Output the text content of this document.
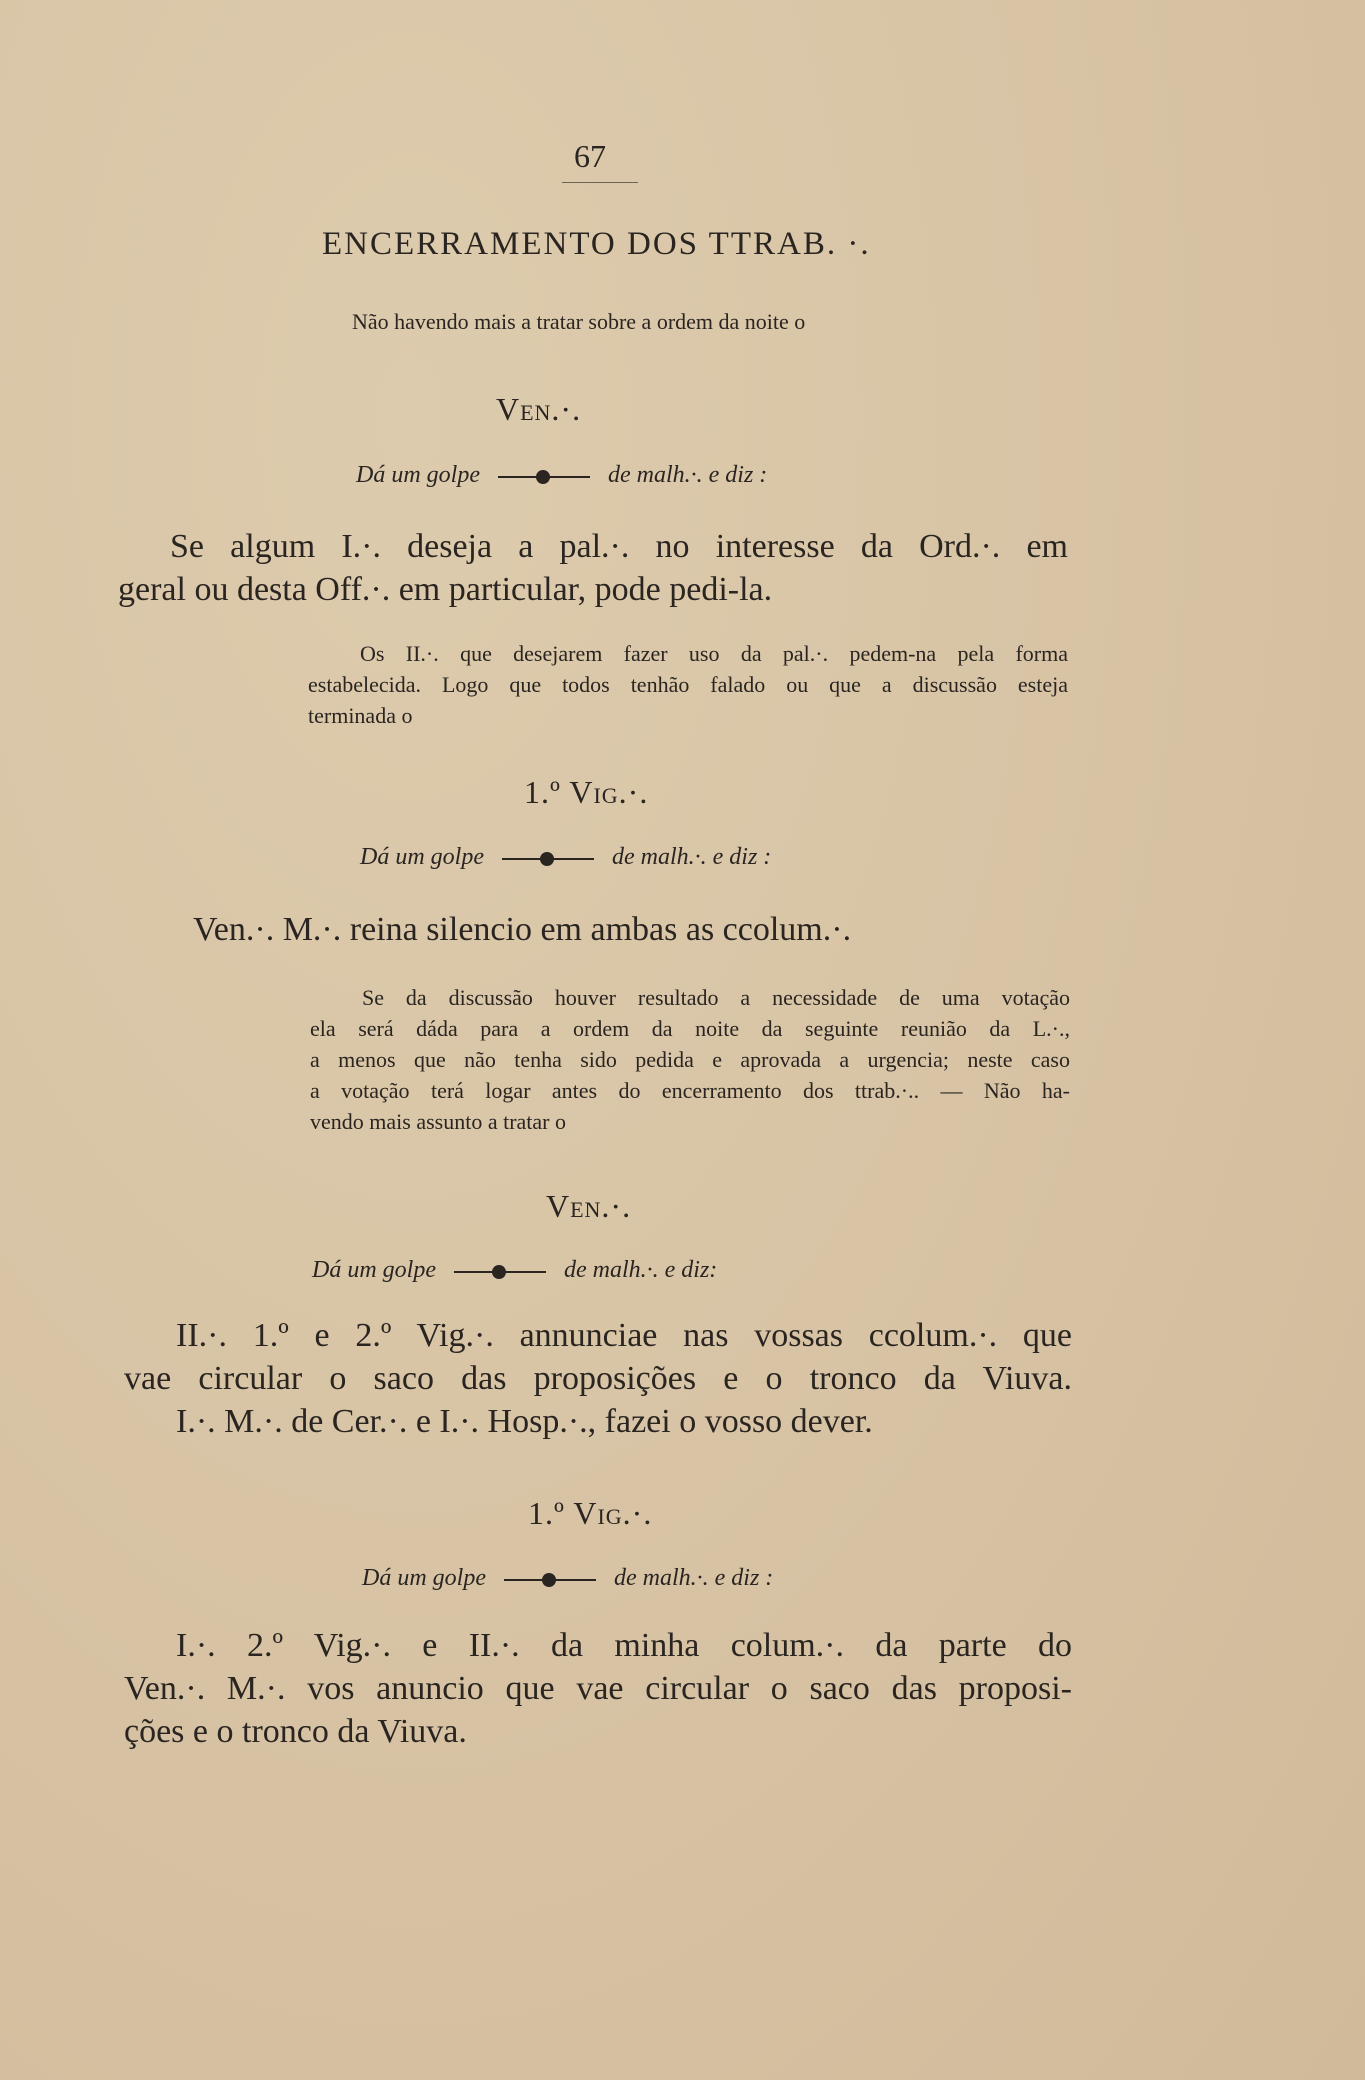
67

ENCERRAMENTO DOS TTRAB. ·.

Não havendo mais a tratar sobre a ordem da noite o

Ven.·.

Dá um golpe	de malh.·. e diz :

Se algum I.·. deseja a pal.·. no interesse da Ord.·. em
geral ou desta Off.·. em particular, pode pedi-la.
Os II.·. que desejarem fazer uso da pal.·. pedem-na pela forma
estabelecida. Logo que todos tenhão falado ou que a discussão esteja
terminada o

1.º Vig.·.

Dá um golpe	de malh.·. e diz :

Ven.·. M.·. reina silencio em ambas as ccolum.·.

Se da discussão houver resultado a necessidade de uma votação
ela será dáda para a ordem da noite da seguinte reunião da L.·.,
a menos que não tenha sido pedida e aprovada a urgencia; neste caso
a votação terá logar antes do encerramento dos ttrab.·.. — Não ha-
vendo mais assunto a tratar o

Ven.·.

Dá um golpe	de malh.·. e diz:

II.·. 1.º e 2.º Vig.·. annunciae nas vossas ccolum.·. que
vae circular o saco das proposições e o tronco da Viuva.
I.·. M.·. de Cer.·. e I.·. Hosp.·., fazei o vosso dever.

1.º Vig.·.

Dá um golpe	de malh.·. e diz :

I.·. 2.º Vig.·. e II.·. da minha colum.·. da parte do
Ven.·. M.·. vos anuncio que vae circular o saco das proposi-
ções e o tronco da Viuva.
